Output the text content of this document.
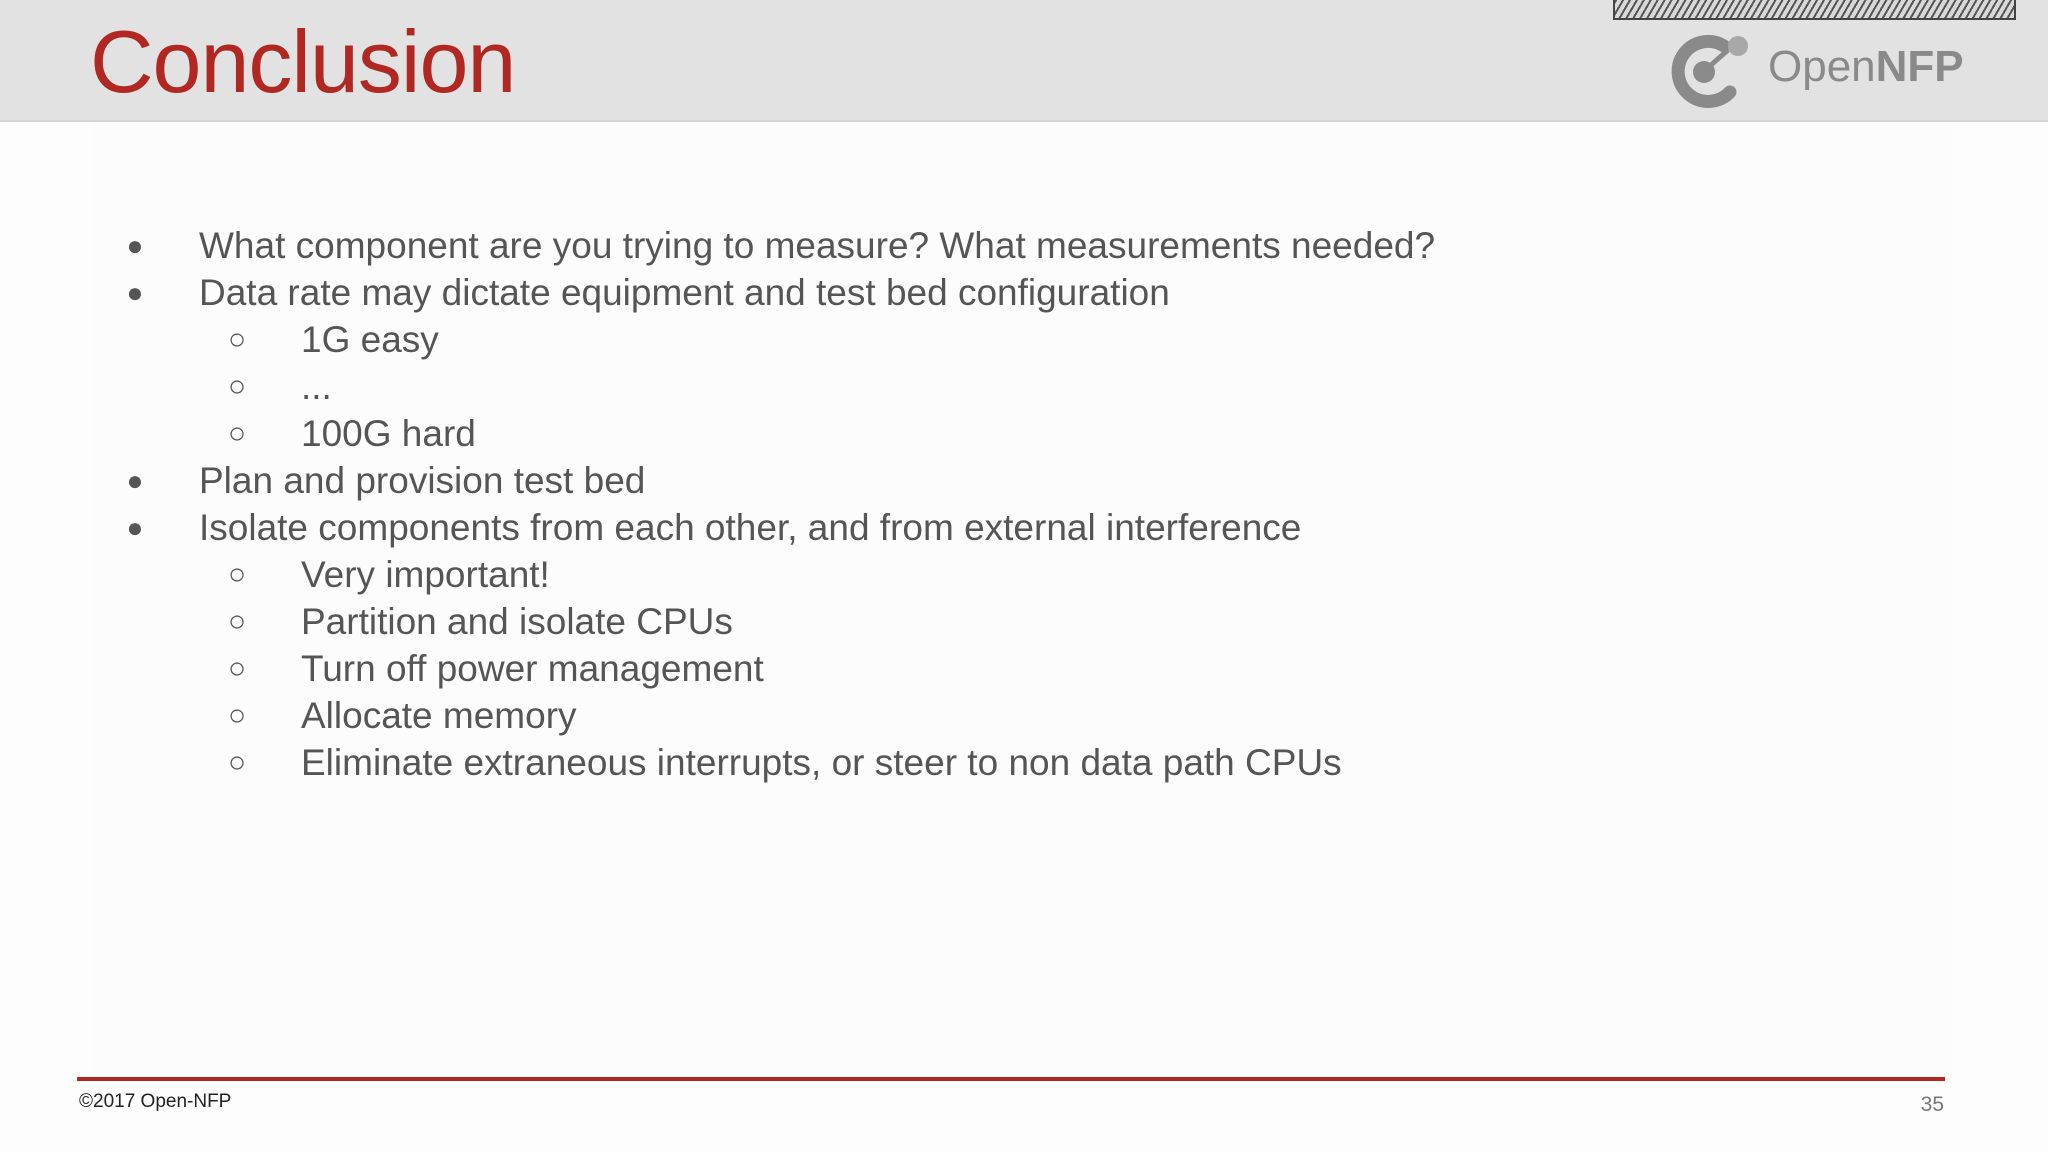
Conclusion	OpenNFP
●	What component are you trying to measure? What measurements needed?
●	Data rate may dictate equipment and test bed configuration
○ 1G easy
○ ...
○ 100G hard
●	Plan and provision test bed
●	Isolate components from each other, and from external interference
○ Very important!
○ Partition and isolate CPUs
○ Turn off power management
○ Allocate memory
○ Eliminate extraneous interrupts, or steer to non data path CPUs
©2017 Open-NFP	35
